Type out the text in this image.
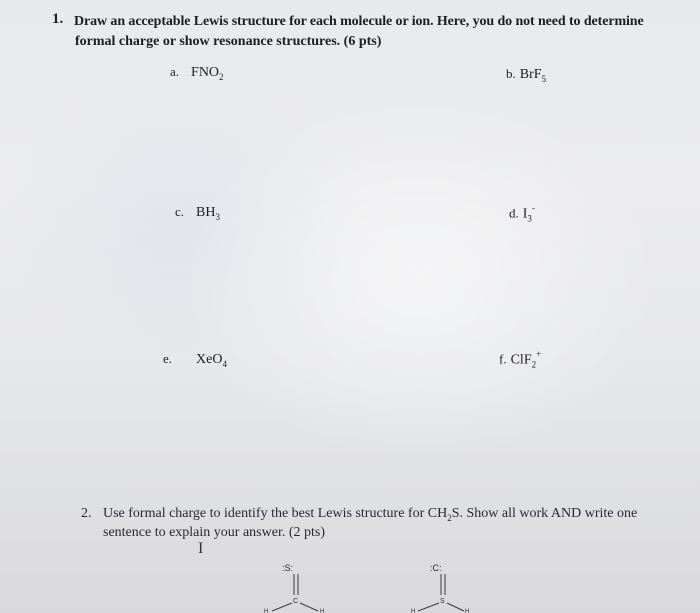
1. Draw an acceptable Lewis structure for each molecule or ion. Here, you do not need to determine
formal charge or show resonance structures. (6 pts)
a. $FNO_2$	b. BrF$_5$
c. $BH_3$	d. $I_3^-$
e. XeO$_4$	f. ClF$_2$+
2. Use formal charge to identify the best Lewis structure for $CH_2S$. Show all work AND write one
sentence to explain your answer. (2 pts)
I
:S:
C
H	H
:C:
S
H	H
